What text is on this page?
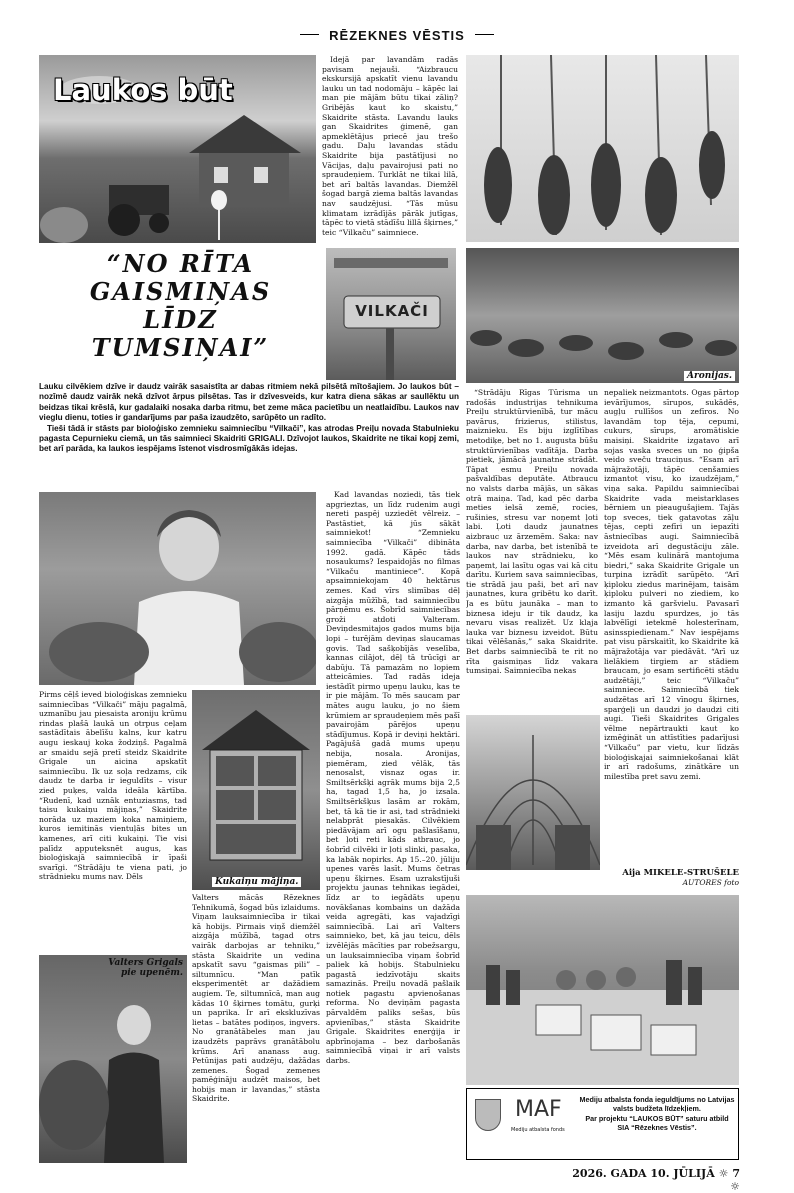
RĒZEKNES VĒSTIS
Laukos būt

Idejā par lavandām radās pavisam nejauši. “Aizbraucu ekskursijā apskatīt vienu lavandu lauku un tad nodomāju – kāpēc lai man pie mājām būtu tikai zāliņ? Gribējās kaut ko skaistu,” Skaidrite stāsta. Lavandu lauks gan Skaidrites ģimenē, gan apmeklētājus priecē jau trešo gadu. Daļu lavandas stādu Skaidrite bija pastātījusi no Vācijas, daļu pavairojusi pati no spraudeņiem. Turklāt ne tikai lilā, bet arī baltās lavandas. Diemžēl šogad bargā ziema baltās lavandas nav saudzējusi. “Tās mūsu klimatam izrādījās pārāk jutīgas, tāpēc to vietā stādīšu lillā šķirnes,” teic “Vilkaču” saimniece.

“NO RĪTA
GAISMIŅAS
LĪDZ
TUMSIŅAI”
VILKAČI
Aronijas.

Lauku cilvēkiem dzīve ir daudz vairāk sasaistīta ar dabas ritmiem nekā pilsētā mītošajiem. Jo laukos būt – nozīmē daudz vairāk nekā dzīvot ārpus pilsētas. Tas ir dzīvesveids, kur katra diena sākas ar saullēktu un beidzas tikai krēslā, kur gadalaiki nosaka darba ritmu, bet zeme māca pacietību un neatlaidību. Laukos nav vieglu dienu, toties ir gandarījums par paša izaudzēto, sarūpēto un radīto.

Tieši tādā ir stāsts par bioloģisko zemnieku saimniecību “Vilkači”, kas atrodas Preiļu novada Stabulnieku pagasta Cepurnieku ciemā, un tās saimnieci Skaidriti GRIGALI. Dzīvojot laukos, Skaidrite ne tikai kopj zemi, bet arī parāda, ka laukos iespējams īstenot visdrosmīgākās idejas.

Pirms cēļš ieved bioloģiskas zemnieku saimniecības “Vilkači” māju pagalmā, uzmanību jau piesaista aroniju krūmu rindas plašā laukā un otrpus ceļam sastādītais ābelīšu kalns, kur katru augu ieskauj koka žodziņš. Pagalmā ar smaidu sejā pretī steidz Skaidrite Grigale un aicina apskatīt saimniecību. Ik uz soļa redzams, cik daudz te darba ir ieguldīts – visur zied puķes, valda ideāla kārtība. “Rudenī, kad uznāk entuziasms, tad taisu kukaiņu mājiņas,” Skaidrite norāda uz maziem koka namiņiem, kuros iemitinās vientuļās bites un kamenes, arī citi kukaiņi. Tie visi palīdz apputeksnēt augus, kas bioloģiskajā saimniecībā ir īpaši svarīgi. “Strādāju te viena pati, jo strādnieku mums nav. Dēls

Kukaiņu mājiņa.

Valters mācās Rēzeknes Tehnikumā, šogad būs izlaidums. Viņam lauksaimniecība ir tikai kā hobijs. Pirmais viņš diemžēl aizgāja mūžībā, tagad otrs vairāk darbojas ar tehniku,” stāsta Skaidrite un vedina apskatīt savu “gaismas pili” – siltumnīcu. “Man patīk eksperimentēt ar dažādiem augiem. Te, siltumnīcā, man aug kādas 10 šķirnes tomātu, gurķi un paprika. Ir arī ekskluzīvas lietas – batātes podiņos, ingvers. No granātābeles man jau izaudzēts paprāvs granātābolu krūms. Arī ananass aug. Petūnijas pati audzēju, dažādas zemenes. Šogad zemenes pamēģināju audzēt maisos, bet hobijs man ir lavandas,” stāsta Skaidrite.

Valters Grigals pie upenēm.

Kad lavandas noziedi, tās tiek apgrieztas, un līdz rudenim augi nereti paspēj uzziedēt vēlreiz. –Pastāstiet, kā jūs sākāt saimniekot! “Zemnieku saimniecība “Vilkači” dibināta 1992. gadā. Kāpēc tāds nosaukums? Iespaidojās no filmas “Vilkaču mantiniece”. Kopā apsaimniekojam 40 hektārus zemes. Kad vīrs slimības dēļ aizgāja mūžībā, tad saimniecību pārņēmu es. Šobrīd saimniecības groži atdoti Valteram. Deviņdesmitajos gados mums bija lopi – turējām deviņas slaucamas govis. Tad sašķobījās veselība, kannas cilājot, dēļ tā trūcīgi ar dabūju. Tā pamazām no lopiem atteicāmies. Tad radās ideja iestādīt pirmo upeņu lauku, kas te ir pie mājām. To mēs saucam par mātes augu lauku, jo no šiem krūmiem ar spraudeņiem mēs pašī pavairojām pārējos upeņu stādījumus. Kopā ir deviņi hektāri. Pagājušā gadā mums upeņu nebija, nosala. Aronijas, piemēram, zied vēlāk, tās nenosalst, visnaz ogas ir. Smiltsērkšķi agrāk mums bija 2,5 ha, tagad 1,5 ha, jo izsala. Smiltsērkšķus lasām ar rokām, bet, tā kā tie ir asi, tad strādnieki nelabprāt piesakās. Cilvēkiem piedāvājam arī ogu pašlasīšanu, bet ļoti reti kāds atbrauc, jo šobrīd cilvēki ir ļoti slinki, pasaka, ka labāk nopirks. Ap 15.–20. jūliju upenes varēs lasīt. Mums četras upeņu šķirnes. Esam uzrakstījuši projektu jaunas tehnikas iegādei, līdz ar to iegādāts upeņu novākšanas kombains un dažāda veida agregāti, kas vajadzīgi saimniecībā. Lai arī Valters saimnieko, bet, kā jau teicu, dēls izvēlējās mācīties par robežsargu, un lauksaimniecība viņam šobrīd paliek kā hobijs. Stabulnieku pagastā iedzīvotāju skaits samazinās. Preiļu novadā pašlaik notiek pagastu apvienošanas reforma. No deviņām pagasta pārvaldēm paliks sešas, būs apvienības,” stāsta Skaidrite Grigale. Skaidrites enerģija ir apbrīnojama – bez darbošanās saimniecībā viņai ir arī valsts darbs.

“Strādāju Rīgas Tūrisma un radošās industrijas tehnikuma Preiļu struktūrvienībā, tur mācu pavārus, frizierus, stilistus, maiznieku. Es biju izglītības metodiķe, bet no 1. augusta būšu struktūrvienības vadītāja. Darba pietiek, jāmācā jaunatne strādāt. Tāpat esmu Preiļu novada pašvaldības deputāte. Atbraucu no valsts darba mājās, un sākas otrā maiņa. Tad, kad pēc darba meties ielsā zemē, rocies, rušinies, stresu var noņemt ļoti labi. Ļoti daudz jaunatnes aizbrauc uz ārzemēm. Saka: nav darba, nav darba, bet istenībā te laukos nav strādnieku, ko paņemt, lai lasītu ogas vai kā citu darītu. Kuriem sava saimniecības, tie strādā jau paši, bet arī nav jaunatnes, kura gribētu ko darīt. Ja es būtu jaunāka – man to biznesa ideju ir tik daudz, ka nevaru visas realizēt. Uz klaja lauka var biznesu izveidot. Būtu tikai vēlēšanās,” saka Skaidrite. Bet darbs saimniecībā te rit no rīta gaismiņas līdz vakara tumsiņai. Saimniecība nekas

nepaliek neizmantots. Ogas pārtop ievārījumos, sīrupos, sukādēs, augļu rullīšos un zefīros. No lavandām top tēja, cepumi, cukurs, sīrups, aromātiskie maisiņi. Skaidrite izgatavo arī sojas vaska sveces un no ģipša veido sveču trauciņus. “Esam arī mājražotāji, tāpēc cenšamies izmantot visu, ko izaudzējam,” viņa saka. Papildu saimniecībai Skaidrite vada meistarklases bērniem un pieaugušajiem. Tajās top sveces, tiek gatavotas zāļu tējas, cepti zefīri un iepazīti āstniecības augi. Saimniecībā izveidota arī degustāciju zāle. “Mēs esam kulinārā mantojuma biedri,” saka Skaidrite Grigale un turpina izrādīt sarūpēto. “Arī ķiploku ziedus marinējam, taisām ķiploku pulveri no ziediem, ko izmanto kā garšvielu. Pavasarī lasiju lazdu spurdzes, jo tās labvēlīgi ietekmē holesterīnam, asinsspiedienam.” Nav iespējams pat visu pārskaitīt, ko Skaidrite kā mājražotāja var piedāvāt. “Arī uz lielākiem tirgiem ar stādiem braucam, jo esam sertificēti stādu audzētāji,” teic “Vilkaču” saimniece. Saimniecībā tiek audzētas arī 12 vīnogu šķirnes, sparģeļi un daudzi jo daudzi citi augi. Tieši Skaidrites Grigales vēlme nepārtraukti kaut ko izmēģināt un attīstīties padarījusi “Vilkaču” par vietu, kur līdzās bioloģiskajai saimniekošanai klāt ir arī radošums, zinātkāre un milestība pret savu zemi.

Aija MIKELE-STRUŠELE
AUTORES foto
MAF
Mediju atbalsta fonds
Mediju atbalsta fonda ieguldījums no Latvijas valsts budžeta līdzekļiem.
Par projektu “LAUKOS BŪT” saturu atbild
SIA “Rēzeknes Vēstis”.
2026. GADA 10. JŪLIJĀ ☼ 7 ☼
